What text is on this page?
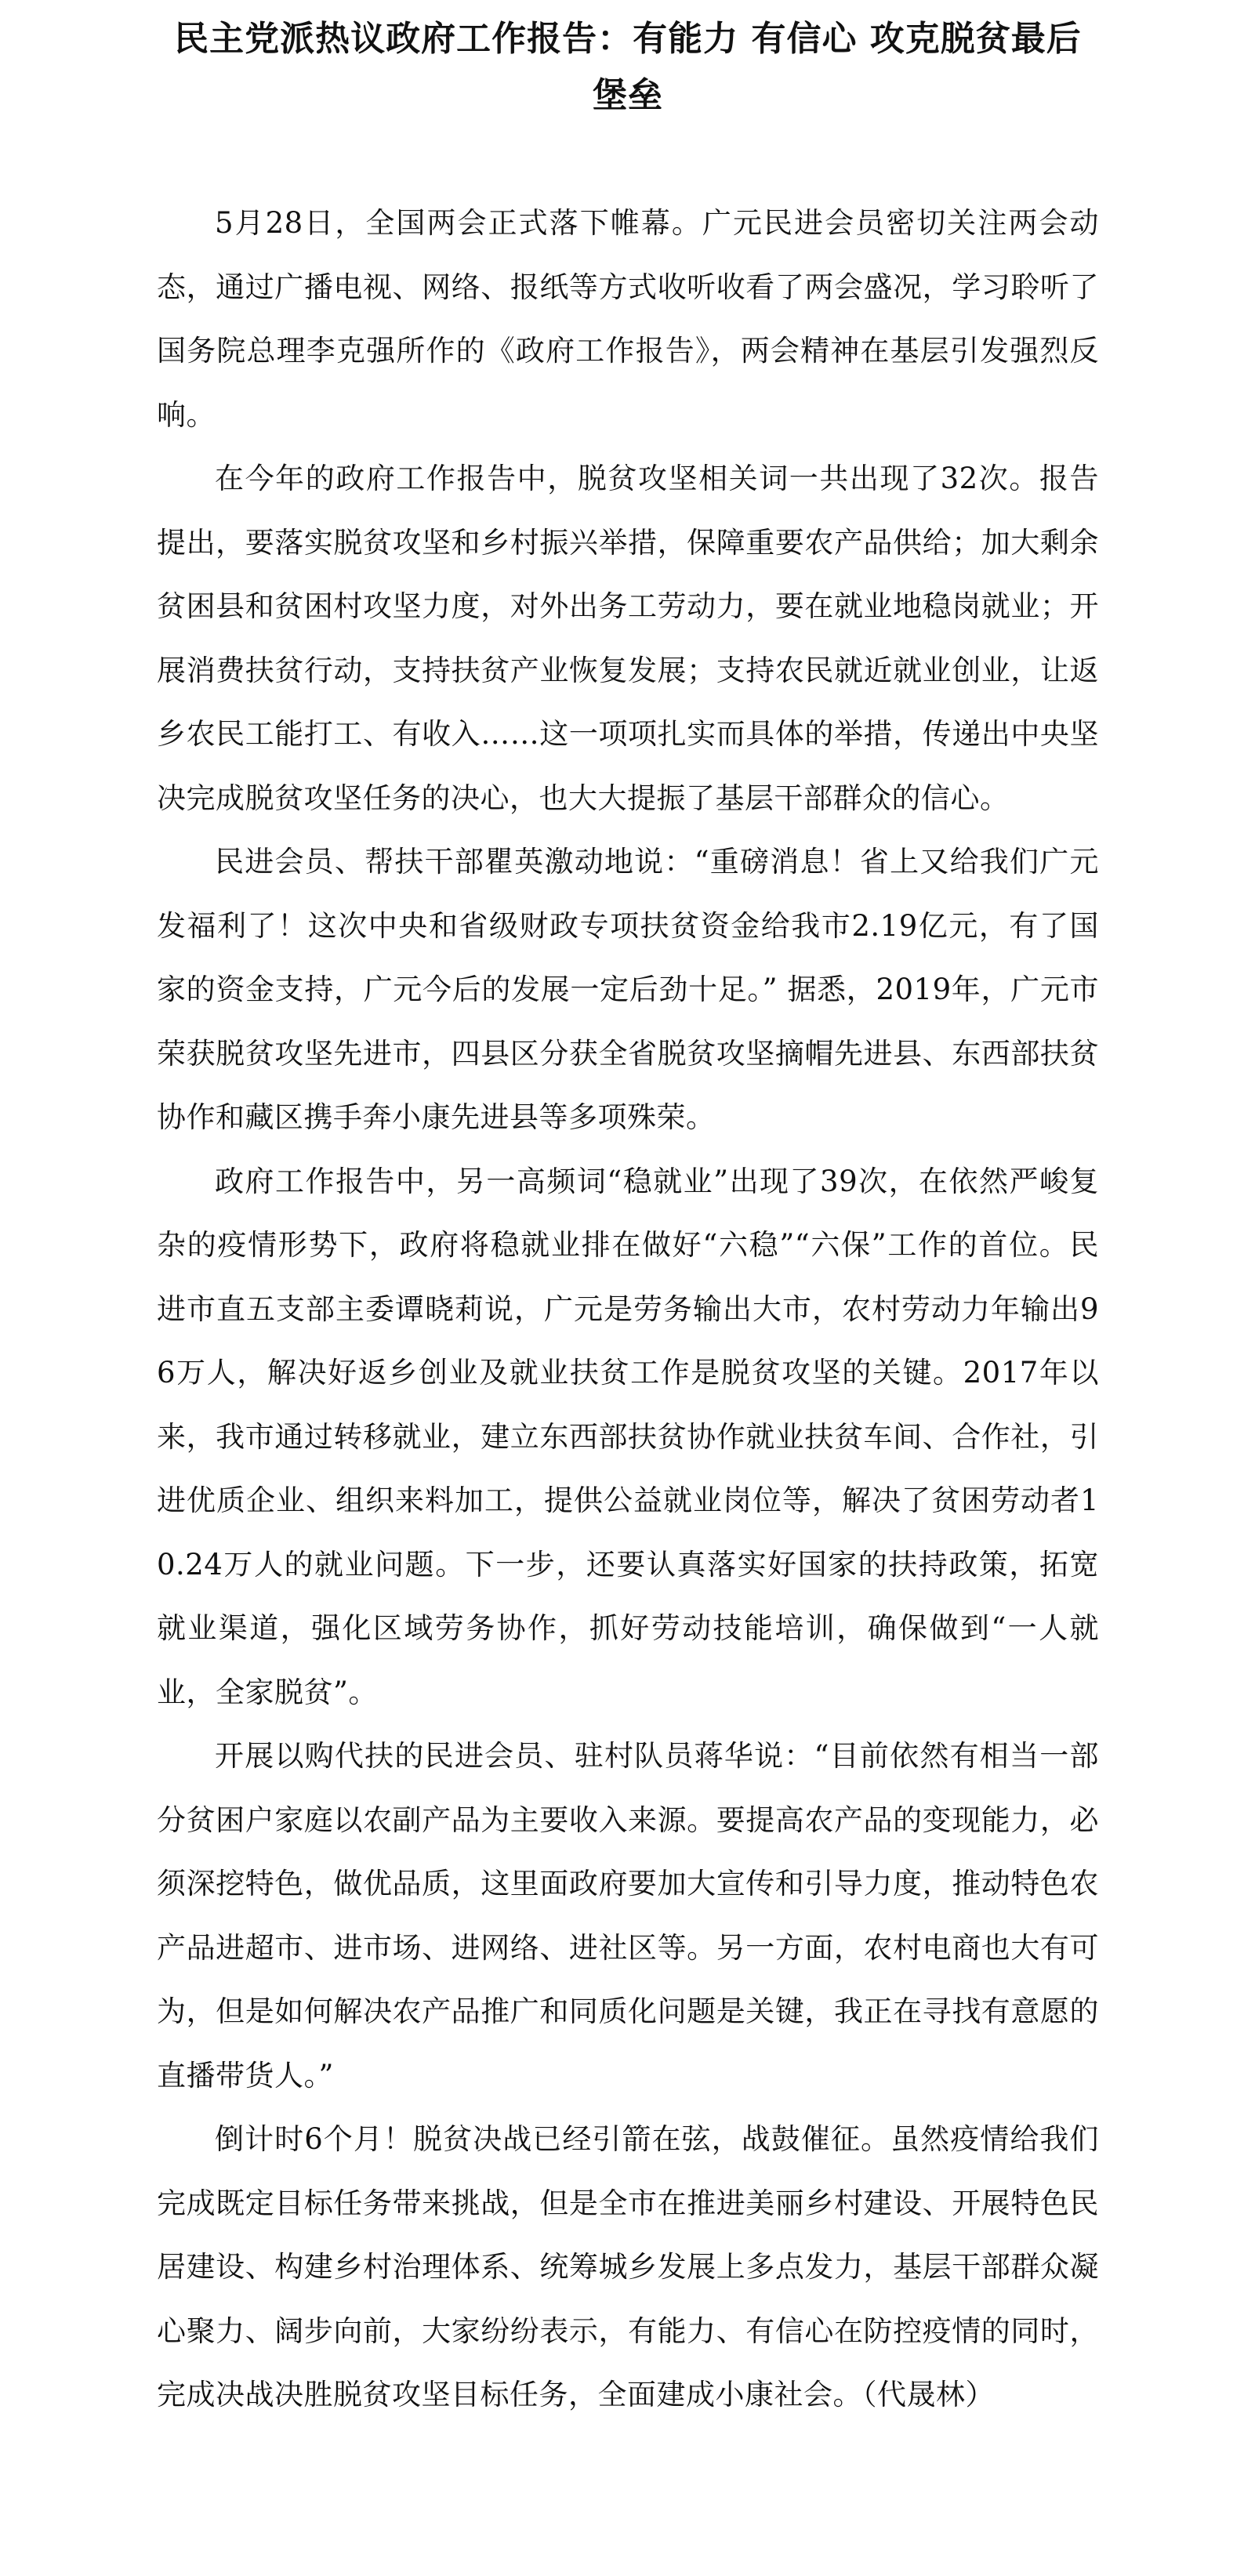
民主党派热议政府工作报告：有能力 有信心 攻克脱贫最后堡垒

5月28日，全国两会正式落下帷幕。广元民进会员密切关注两会动态，通过广播电视、网络、报纸等方式收听收看了两会盛况，学习聆听了国务院总理李克强所作的《政府工作报告》，两会精神在基层引发强烈反响。

在今年的政府工作报告中，脱贫攻坚相关词一共出现了32次。报告提出，要落实脱贫攻坚和乡村振兴举措，保障重要农产品供给；加大剩余贫困县和贫困村攻坚力度，对外出务工劳动力，要在就业地稳岗就业；开展消费扶贫行动，支持扶贫产业恢复发展；支持农民就近就业创业，让返乡农民工能打工、有收入……这一项项扎实而具体的举措，传递出中央坚决完成脱贫攻坚任务的决心，也大大提振了基层干部群众的信心。

民进会员、帮扶干部瞿英激动地说：“重磅消息！省上又给我们广元发福利了！这次中央和省级财政专项扶贫资金给我市2.19亿元，有了国家的资金支持，广元今后的发展一定后劲十足。” 据悉，2019年，广元市荣获脱贫攻坚先进市，四县区分获全省脱贫攻坚摘帽先进县、东西部扶贫协作和藏区携手奔小康先进县等多项殊荣。

政府工作报告中，另一高频词“稳就业”出现了39次，在依然严峻复杂的疫情形势下，政府将稳就业排在做好“六稳”“六保”工作的首位。民进市直五支部主委谭晓莉说，广元是劳务输出大市，农村劳动力年输出96万人，解决好返乡创业及就业扶贫工作是脱贫攻坚的关键。2017年以来，我市通过转移就业，建立东西部扶贫协作就业扶贫车间、合作社，引进优质企业、组织来料加工，提供公益就业岗位等，解决了贫困劳动者10.24万人的就业问题。下一步，还要认真落实好国家的扶持政策，拓宽就业渠道，强化区域劳务协作，抓好劳动技能培训，确保做到“一人就业，全家脱贫”。

开展以购代扶的民进会员、驻村队员蒋华说：“目前依然有相当一部分贫困户家庭以农副产品为主要收入来源。要提高农产品的变现能力，必须深挖特色，做优品质，这里面政府要加大宣传和引导力度，推动特色农产品进超市、进市场、进网络、进社区等。另一方面，农村电商也大有可为，但是如何解决农产品推广和同质化问题是关键，我正在寻找有意愿的直播带货人。”

倒计时6个月！脱贫决战已经引箭在弦，战鼓催征。虽然疫情给我们完成既定目标任务带来挑战，但是全市在推进美丽乡村建设、开展特色民居建设、构建乡村治理体系、统筹城乡发展上多点发力，基层干部群众凝心聚力、阔步向前，大家纷纷表示，有能力、有信心在防控疫情的同时，完成决战决胜脱贫攻坚目标任务，全面建成小康社会。（代晟林）
